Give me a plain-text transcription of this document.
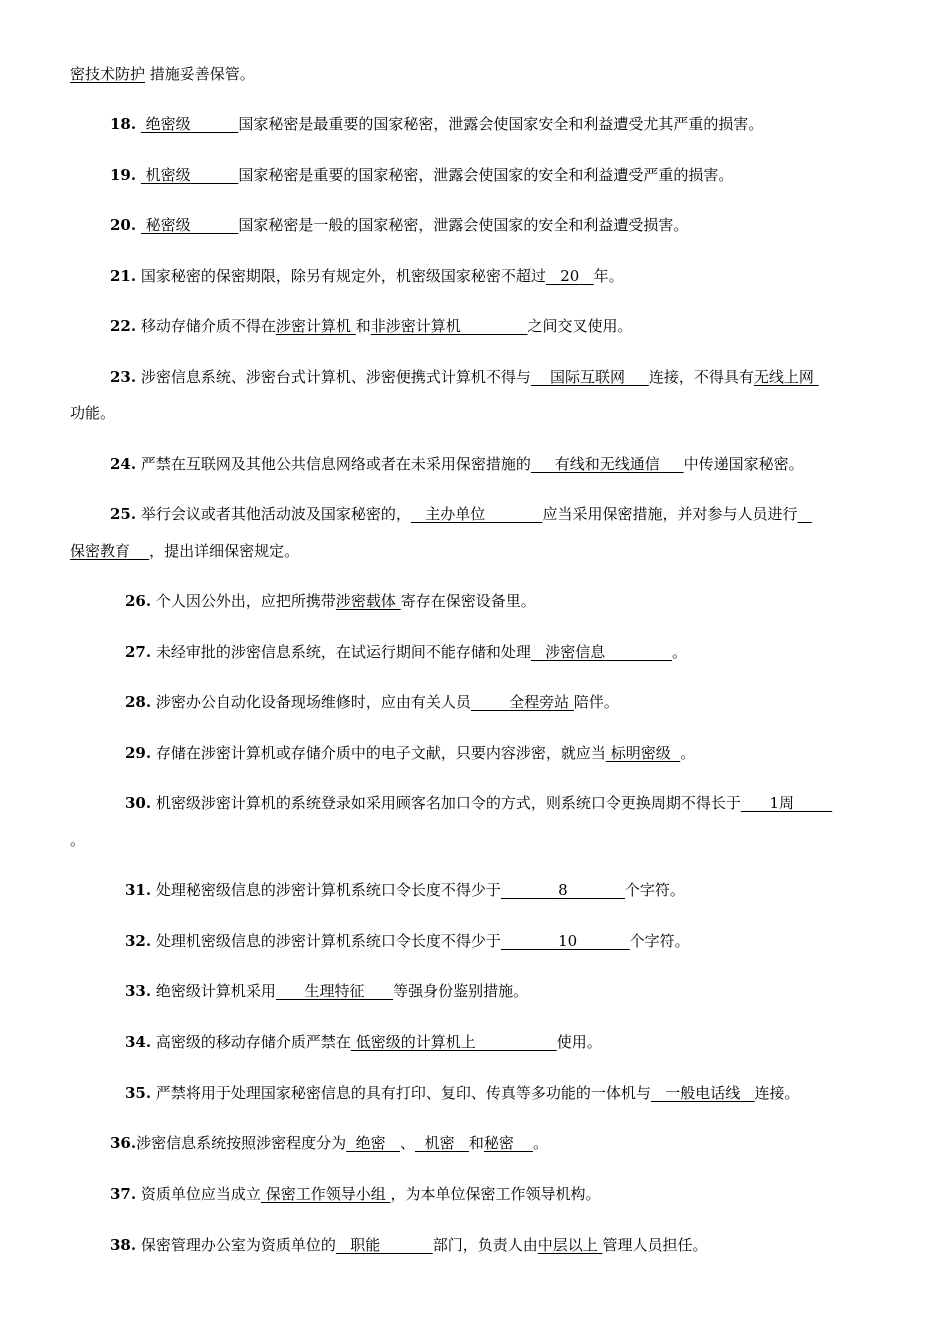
密技术防护 措施妥善保管。
18. 绝密级	国家秘密是最重要的国家秘密，泄露会使国家安全和利益遭受尤其严重的损害。
19. 机密级	国家秘密是重要的国家秘密，泄露会使国家的安全和利益遭受严重的损害。
20. 秘密级	国家秘密是一般的国家秘密，泄露会使国家的安全和利益遭受损害。
21. 国家秘密的保密期限，除另有规定外，机密级国家秘密不超过 20 年。
22. 移动存储介质不得在涉密计算机 和非涉密计算机	之间交叉使用。
23. 涉密信息系统、涉密台式计算机、涉密便携式计算机不得与 国际互联网 连接，不得具有无线上网
功能。
24. 严禁在互联网及其他公共信息网络或者在未采用保密措施的 有线和无线通信 中传递国家秘密。
25. 举行会议或者其他活动波及国家秘密的， 主办单位	应当采用保密措施，并对参与人员进行
保密教育 ，提出详细保密规定。
26. 个人因公外出，应把所携带涉密载体 寄存在保密设备里。
27. 未经审批的涉密信息系统，在试运行期间不能存储和处理 涉密信息	。
28. 涉密办公自动化设备现场维修时，应由有关人员	全程旁站 陪伴。
29. 存储在涉密计算机或存储介质中的电子文献，只要内容涉密，就应当 标明密级 。
30. 机密级涉密计算机的系统登录如采用顾客名加口令的方式，则系统口令更换周期不得长于 1周
。
31. 处理秘密级信息的涉密计算机系统口令长度不得少于	8	个字符。
32. 处理机密级信息的涉密计算机系统口令长度不得少于	10	个字符。
33. 绝密级计算机采用 生理特征 等强身份鉴别措施。
34. 高密级的移动存储介质严禁在 低密级的计算机上	使用。
35. 严禁将用于处理国家秘密信息的具有打印、复印、传真等多功能的一体机与 一般电话线 连接。
36.涉密信息系统按照涉密程度分为 绝密 、 机密 和秘密 。
37. 资质单位应当成立 保密工作领导小组 ，为本单位保密工作领导机构。
38. 保密管理办公室为资质单位的 职能	部门，负责人由中层以上 管理人员担任。
